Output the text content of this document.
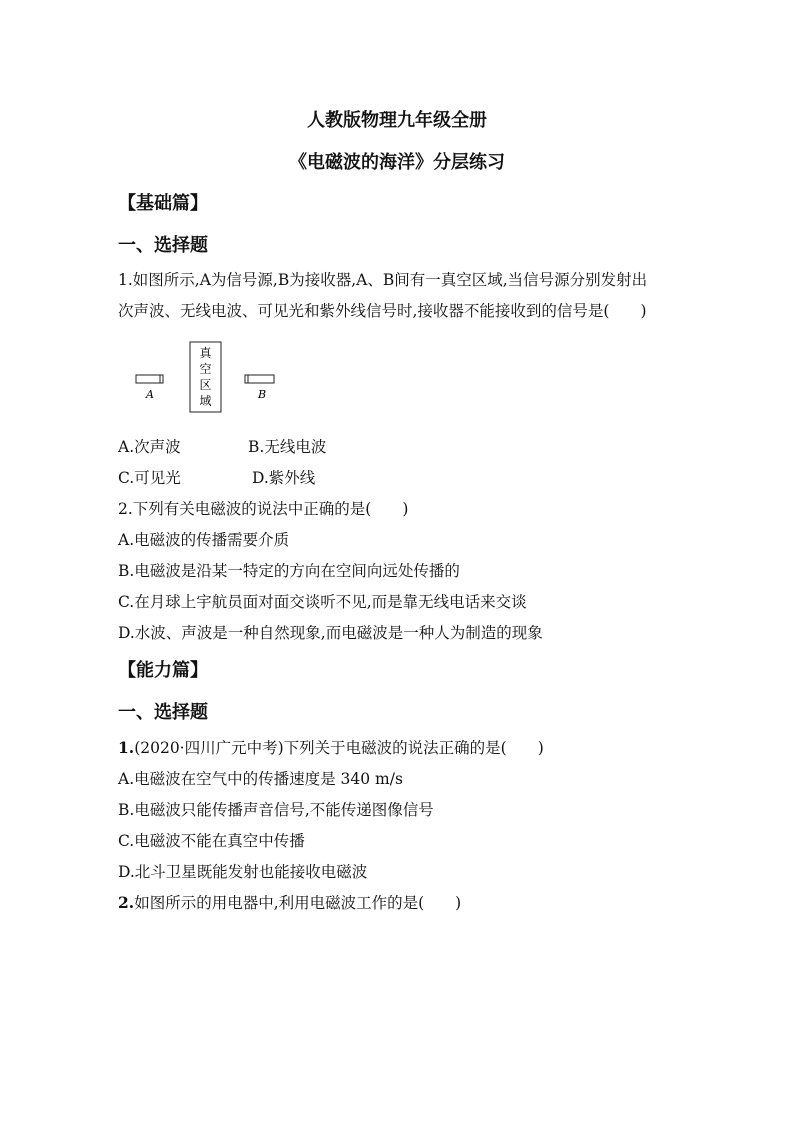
人教版物理九年级全册
《电磁波的海洋》分层练习
【基础篇】
一、选择题
1.如图所示,A为信号源,B为接收器,A、B间有一真空区域,当信号源分别发射出
次声波、无线电波、可见光和紫外线信号时,接收器不能接收到的信号是(　　)
A
真
空
区
域	B
A.次声波	B.无线电波
C.可见光	D.紫外线
2.下列有关电磁波的说法中正确的是(　　)
A.电磁波的传播需要介质
B.电磁波是沿某一特定的方向在空间向远处传播的
C.在月球上宇航员面对面交谈听不见,而是靠无线电话来交谈
D.水波、声波是一种自然现象,而电磁波是一种人为制造的现象
【能力篇】
一、选择题
1.(2020·四川广元中考)下列关于电磁波的说法正确的是(　　)
A.电磁波在空气中的传播速度是 340 m/s
B.电磁波只能传播声音信号,不能传递图像信号
C.电磁波不能在真空中传播
D.北斗卫星既能发射也能接收电磁波
2.如图所示的用电器中,利用电磁波工作的是(　　)
